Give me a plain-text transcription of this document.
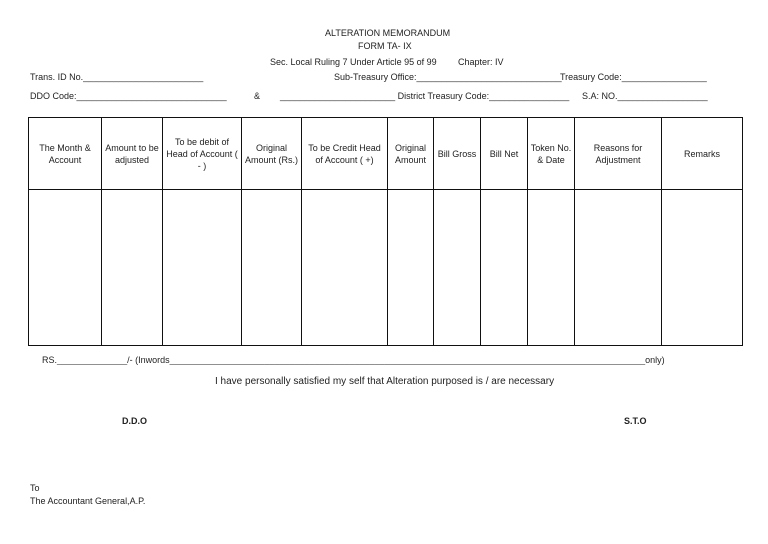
ALTERATION MEMORANDUM
FORM TA- IX
Sec. Local Ruling 7 Under Article 95 of 99 Chapter: IV
Trans. ID No.________________________	Sub-Treasury Office:_____________________________
Treasury Code:_________________
DDO Code:______________________________	& _______________________ District Treasury Code:________________ S.A: NO.__________________
The Month & Account	Amount to be adjusted	To be debit of Head of Account ( - )	Original Amount (Rs.)	To be Credit Head of Account ( +)	Original Amount	Bill Gross	Bill Net	Token No. & Date	Reasons for Adjustment	Remarks

RS.______________/- (Inwords_______________________________________________________________________________________________only)
I have personally satisfied my self that Alteration purposed is / are necessary
D.D.O	S.T.O
To
The Accountant General,A.P.
